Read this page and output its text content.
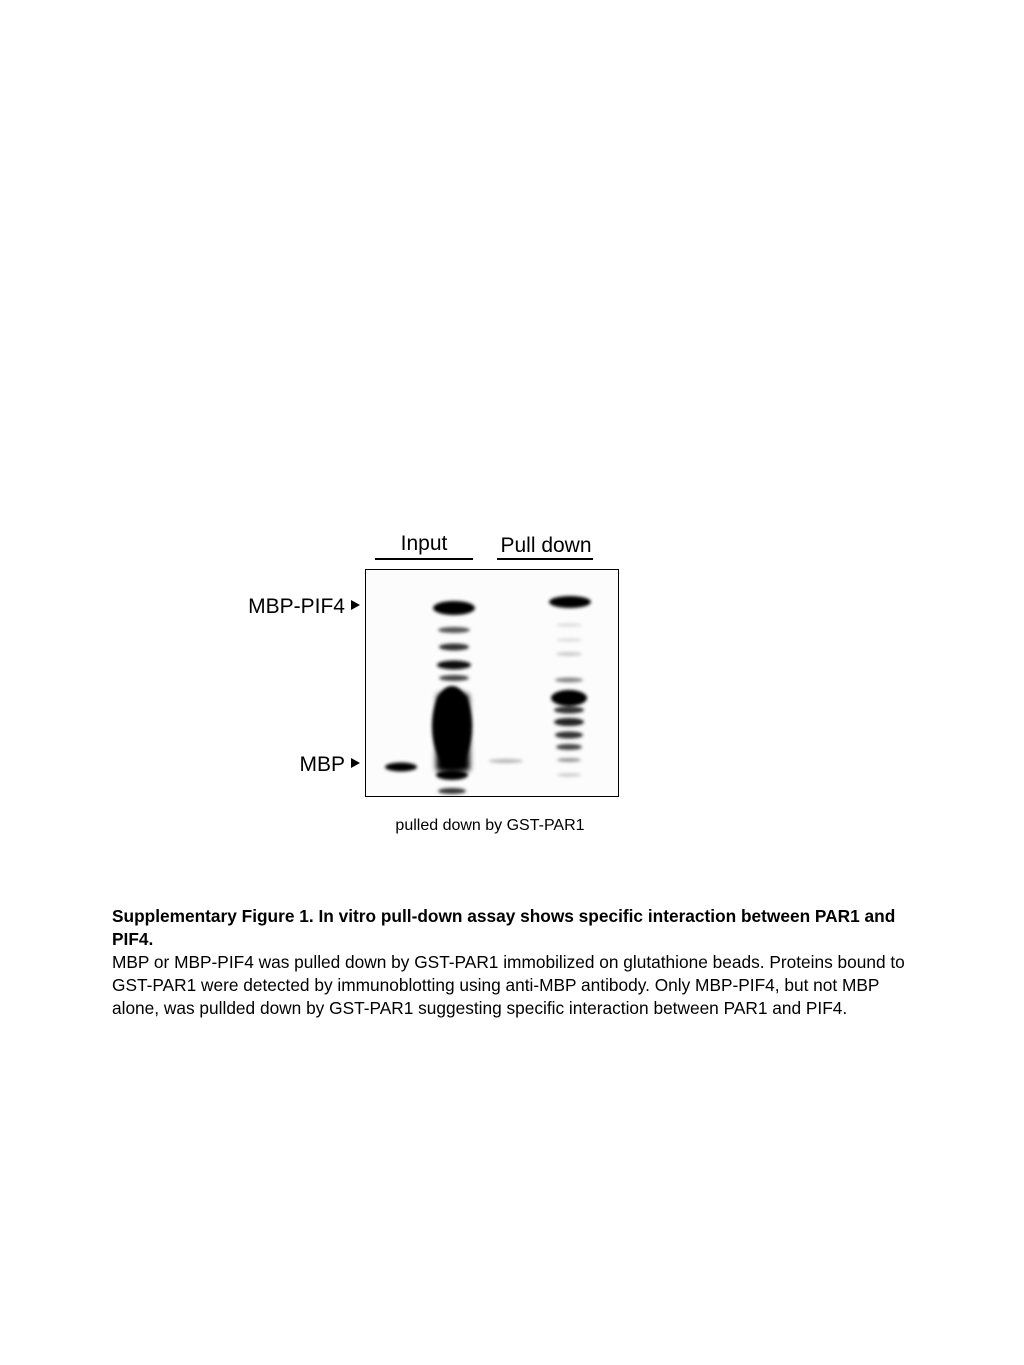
Input	Pull down
MBP-PIF4
MBP
pulled down by GST-PAR1

Supplementary Figure 1. In vitro pull-down assay shows specific interaction between PAR1 and PIF4.

MBP or MBP-PIF4 was pulled down by GST-PAR1 immobilized on glutathione beads. Proteins bound to GST-PAR1 were detected by immunoblotting using anti-MBP antibody. Only MBP-PIF4, but not MBP alone, was pullded down by GST-PAR1 suggesting specific interaction between PAR1 and PIF4.
